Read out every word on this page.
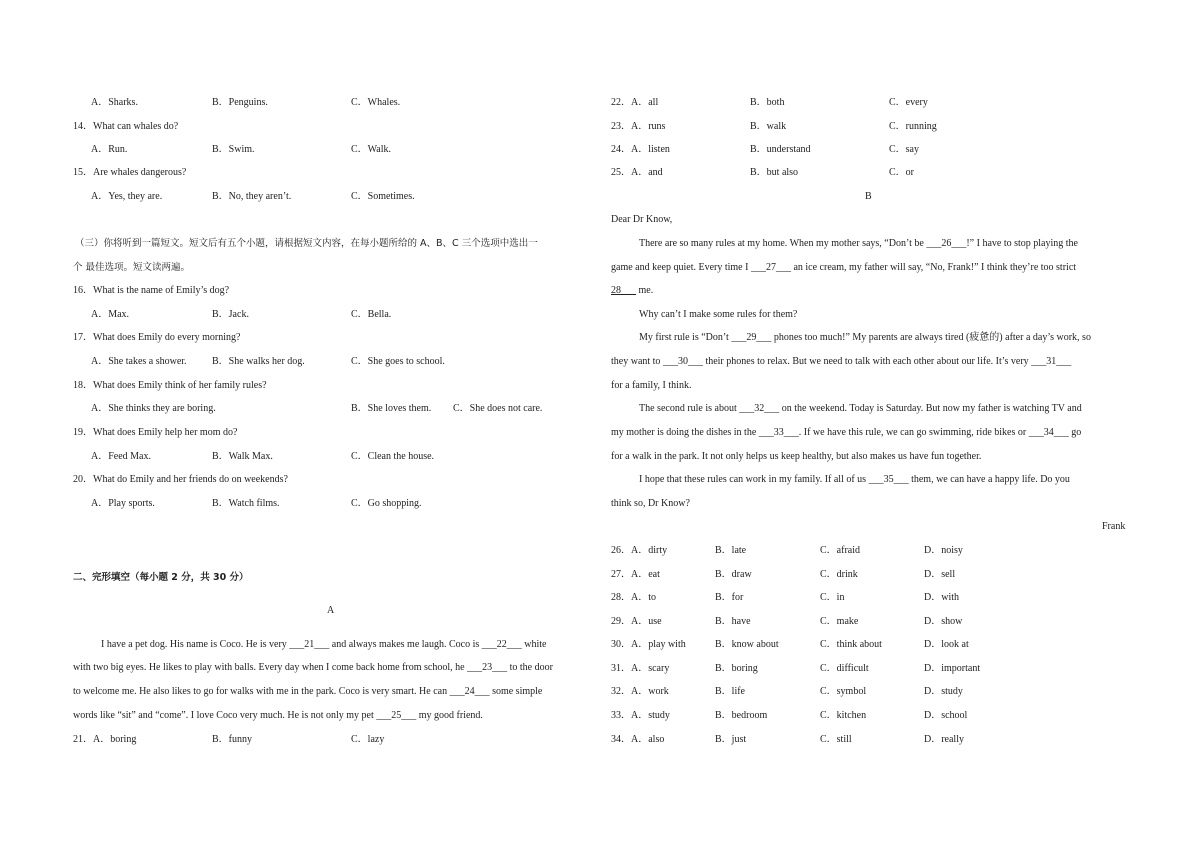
A．Sharks.	B．Penguins.	C．Whales.
14．What can whales do?
A．Run.	B．Swim.	C．Walk.
15．Are whales dangerous?
A．Yes, they are.	B．No, they aren’t.	C．Sometimes.
（三）你将听到一篇短文。短文后有五个小题，请根据短文内容，在每小题所给的 A、B、C 三个选项中选出一
个 最佳选项。短文读两遍。
16．What is the name of Emily’s dog?
A．Max.	B．Jack.	C．Bella.
17．What does Emily do every morning?
A．She takes a shower.	B．She walks her dog.	C．She goes to school.
18．What does Emily think of her family rules?
A．She thinks they are boring.	B．She loves them. C．She does not care.
19．What does Emily help her mom do?
A．Feed Max.	B．Walk Max.	C．Clean the house.
20．What do Emily and her friends do on weekends?
A．Play sports.	B．Watch films.	C．Go shopping.
二、完形填空（每小题 2 分，共 30 分）
A
I have a pet dog. His name is Coco. He is very ___21___ and always makes me laugh. Coco is ___22___ white
with two big eyes. He likes to play with balls. Every day when I come back home from school, he ___23___ to the door
to welcome me. He also likes to go for walks with me in the park. Coco is very smart. He can ___24___ some simple
words like “sit” and “come”. I love Coco very much. He is not only my pet ___25___ my good friend.
21．A．boring	B．funny	C．lazy
22．A．all	B．both	C．every
23．A．runs	B．walk	C．running
24．A．listen	B．understand	C．say
25．A．and	B．but also	C．or
B
Dear Dr Know,
There are so many rules at my home. When my mother says, “Don’t be ___26___!” I have to stop playing the
game and keep quiet. Every time I ___27___ an ice cream, my father will say, “No, Frank!” I think they’re too strict
28___ me.
Why can’t I make some rules for them?
My first rule is “Don’t ___29___ phones too much!” My parents are always tired (疲惫的) after a day’s work, so
they want to ___30___ their phones to relax. But we need to talk with each other about our life. It’s very ___31___
for a family, I think.
The second rule is about ___32___ on the weekend. Today is Saturday. But now my father is watching TV and
my mother is doing the dishes in the ___33___. If we have this rule, we can go swimming, ride bikes or ___34___ go
for a walk in the park. It not only helps us keep healthy, but also makes us have fun together.
I hope that these rules can work in my family. If all of us ___35___ them, we can have a happy life. Do you
think so, Dr Know?
Frank
26．A．dirty	B．late	C．afraid	D．noisy
27．A．eat	B．draw	C．drink	D．sell
28．A．to	B．for	C．in	D．with
29．A．use	B．have	C．make	D．show
30．A．play with	B．know about	C．think about	D．look at
31．A．scary	B．boring	C．difficult	D．important
32．A．work	B．life	C．symbol	D．study
33．A．study	B．bedroom	C．kitchen	D．school
34．A．also	B．just	C．still	D．really
